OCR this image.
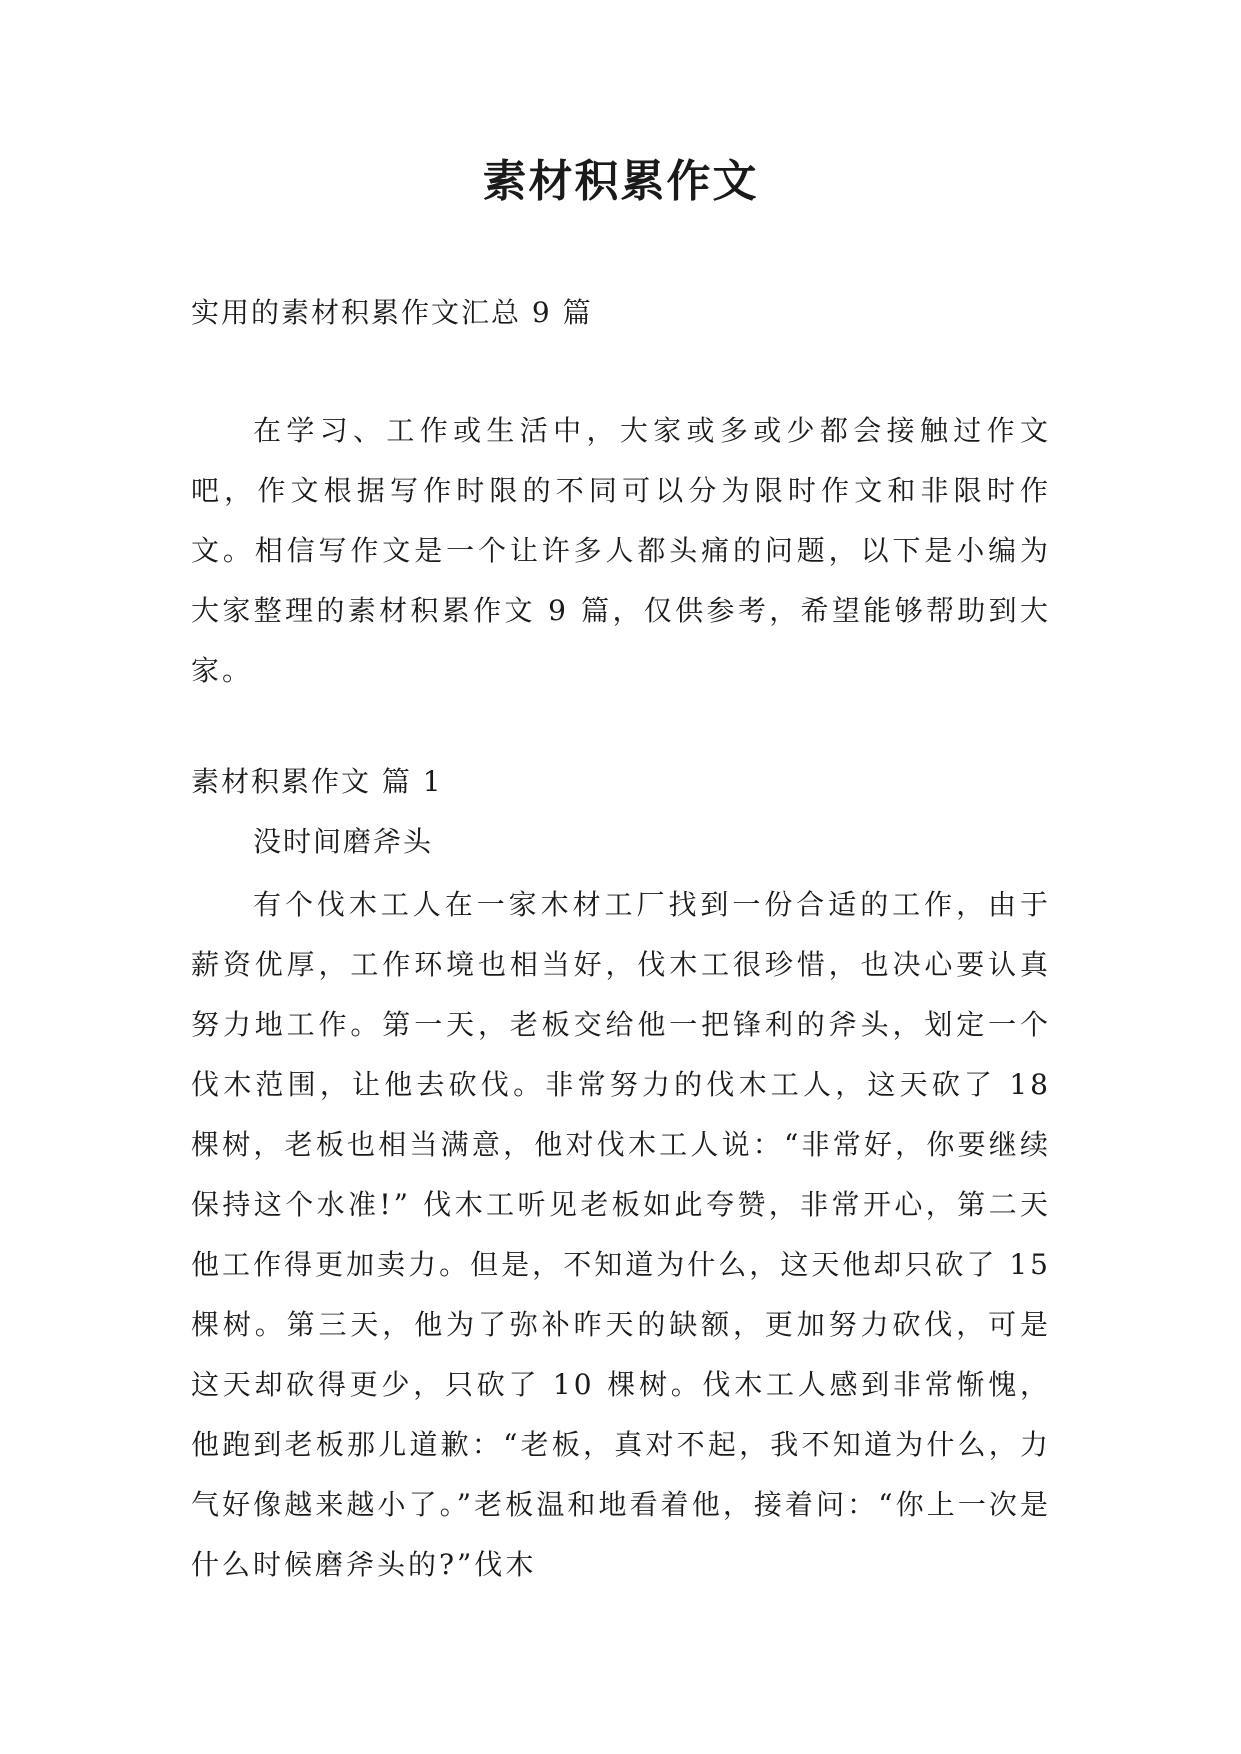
素材积累作文
实用的素材积累作文汇总 9 篇

在学习、工作或生活中，大家或多或少都会接触过作文吧，作文根据写作时限的不同可以分为限时作文和非限时作文。相信写作文是一个让许多人都头痛的问题，以下是小编为大家整理的素材积累作文 9 篇，仅供参考，希望能够帮助到大家。

素材积累作文 篇 1
没时间磨斧头

有个伐木工人在一家木材工厂找到一份合适的工作，由于薪资优厚，工作环境也相当好，伐木工很珍惜，也决心要认真努力地工作。第一天，老板交给他一把锋利的斧头，划定一个伐木范围，让他去砍伐。非常努力的伐木工人，这天砍了 18 棵树，老板也相当满意，他对伐木工人说：“非常好，你要继续保持这个水准!” 伐木工听见老板如此夸赞，非常开心，第二天他工作得更加卖力。但是，不知道为什么，这天他却只砍了 15 棵树。第三天，他为了弥补昨天的缺额，更加努力砍伐，可是这天却砍得更少，只砍了 10 棵树。伐木工人感到非常惭愧，他跑到老板那儿道歉：“老板，真对不起，我不知道为什么，力气好像越来越小了。”老板温和地看着他，接着问：“你上一次是什么时候磨斧头的?”伐木
